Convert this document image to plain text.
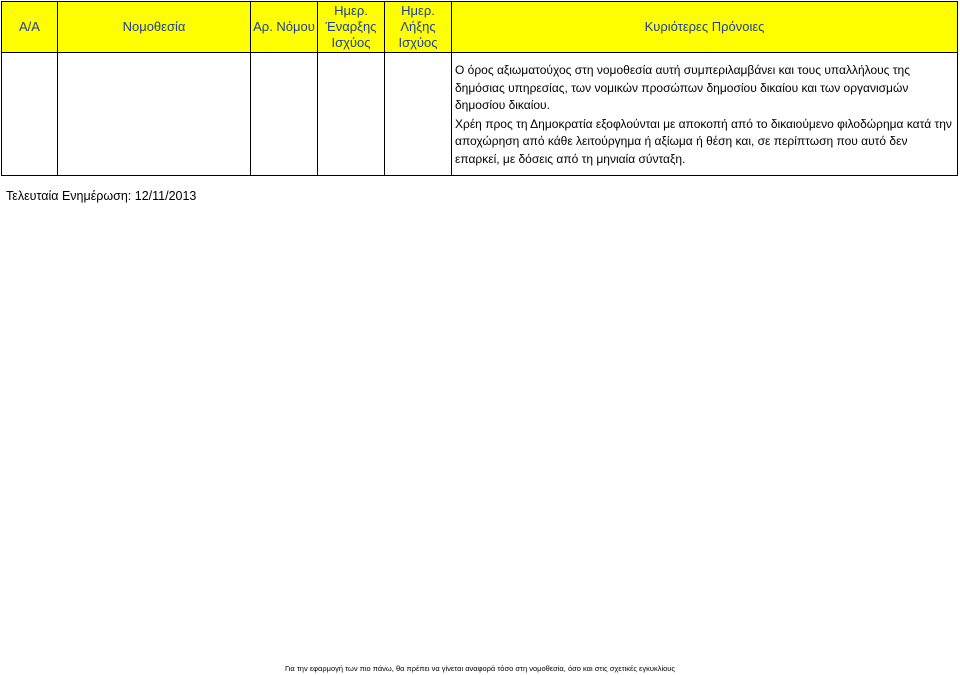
Α/Α	Νομοθεσία	Αρ. Νόμου	Ημερ. Έναρξης Ισχύος	Ημερ. Λήξης Ισχύος	Κυριότερες Πρόνοιες

					Ο όρος αξιωματούχος στη νομοθεσία αυτή συμπεριλαμβάνει και τους υπαλλήλους της δημόσιας υπηρεσίας, των νομικών προσώπων δημοσίου δικαίου και των οργανισμών δημοσίου δικαίου.
Χρέη προς τη Δημοκρατία εξοφλούνται με αποκοπή από το δικαιούμενο φιλοδώρημα κατά την αποχώρηση από κάθε λειτούργημα ή αξίωμα ή θέση και, σε περίπτωση που αυτό δεν επαρκεί, με δόσεις από τη μηνιαία σύνταξη.
Τελευταία Ενημέρωση: 12/11/2013
Για την εφαρμογή των πιο πάνω, θα πρέπει να γίνεται αναφορά τόσο στη νομοθεσία, όσο και στις σχετικές εγκυκλίους
